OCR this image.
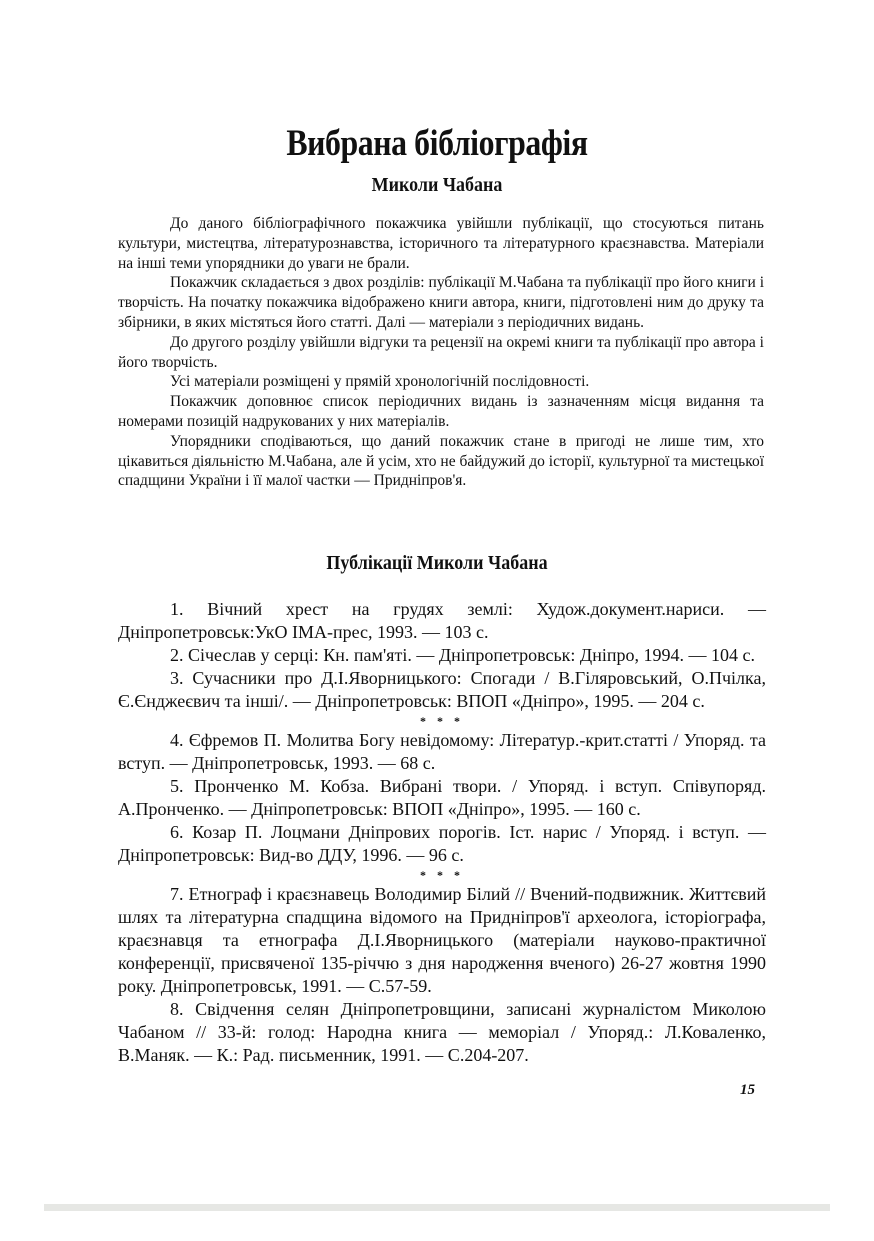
Вибрана бібліографія
Миколи Чабана

До даного бібліографічного покажчика увійшли публікації, що стосуються питань культури, мистецтва, літературознавства, історичного та літературного краєзнавства. Матеріали на інші теми упорядники до уваги не брали.

Покажчик складається з двох розділів: публікації М.Чабана та публікації про його книги і творчість. На початку покажчика відображено книги автора, книги, підготовлені ним до друку та збірники, в яких містяться його статті. Далі — матеріали з періодичних видань.

До другого розділу увійшли відгуки та рецензії на окремі книги та публікації про автора і його творчість.

Усі матеріали розміщені у прямій хронологічній послідовності.

Покажчик доповнює список періодичних видань із зазначенням місця видання та номерами позицій надрукованих у них матеріалів.

Упорядники сподіваються, що даний покажчик стане в пригоді не лише тим, хто цікавиться діяльністю М.Чабана, але й усім, хто не байдужий до історії, культурної та мистецької спадщини України і її малої частки — Придніпров'я.

Публікації Миколи Чабана

1. Вічний хрест на грудях землі: Худож.документ.нариси. — Дніпропетровськ:УкО ІМА-прес, 1993. — 103 с.

2. Січеслав у серці: Кн. пам'яті. — Дніпропетровськ: Дніпро, 1994. — 104 с.

3. Сучасники про Д.І.Яворницького: Спогади / В.Гіляровський, О.Пчілка, Є.Єнджеєвич та інші/. — Дніпропетровськ: ВПОП «Дніпро», 1995. — 204 с.

* * *

4. Єфремов П. Молитва Богу невідомому: Літератур.-крит.статті / Упоряд. та вступ. — Дніпропетровськ, 1993. — 68 с.

5. Пронченко М. Кобза. Вибрані твори. / Упоряд. і вступ. Співупоряд. А.Пронченко. — Дніпропетровськ: ВПОП «Дніпро», 1995. — 160 с.

6. Козар П. Лоцмани Дніпрових порогів. Іст. нарис / Упоряд. і вступ. — Дніпропетровськ: Вид-во ДДУ, 1996. — 96 с.

* * *

7. Етнограф і краєзнавець Володимир Білий // Вчений-подвижник. Життєвий шлях та літературна спадщина відомого на Придніпров'ї археолога, історіографа, краєзнавця та етнографа Д.І.Яворницького (матеріали науково-практичної конференції, присвяченої 135-річчю з дня народження вченого) 26-27 жовтня 1990 року. Дніпропетровськ, 1991. — С.57-59.

8. Свідчення селян Дніпропетровщини, записані журналістом Миколою Чабаном // 33-й: голод: Народна книга — меморіал / Упоряд.: Л.Коваленко, В.Маняк. — К.: Рад. письменник, 1991. — С.204-207.

15
